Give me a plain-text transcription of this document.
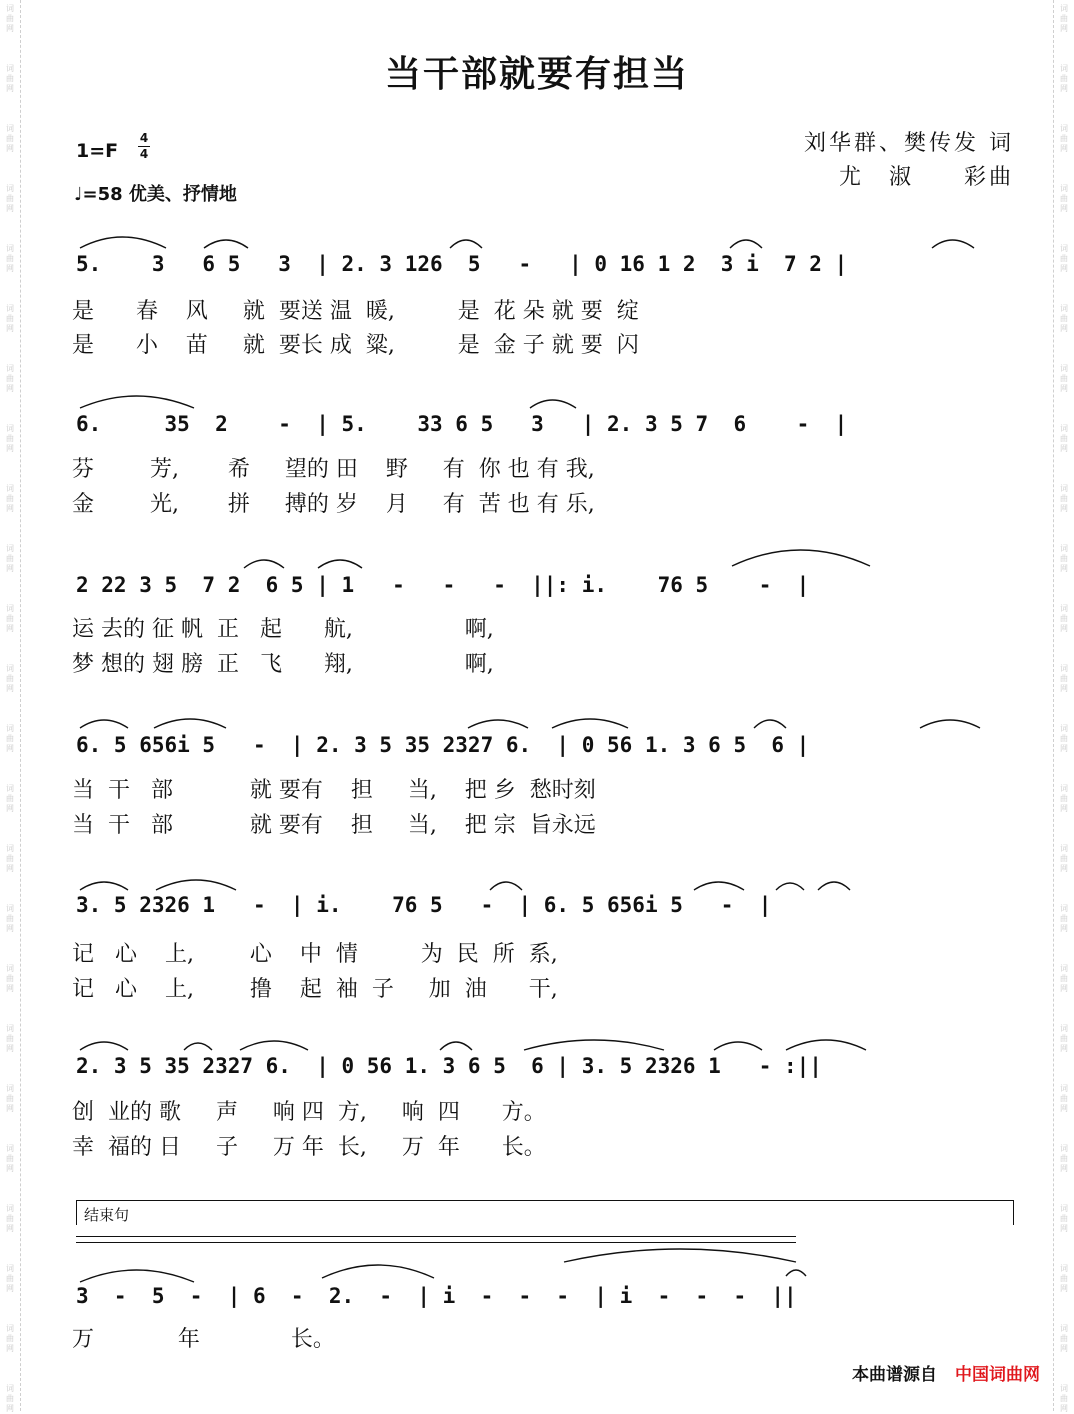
词
曲
网
词
曲
网
词
曲
网
词
曲
网
词
曲
网
词
曲
网
词
曲
网
词
曲
网
词
曲
网
词
曲
网
词
曲
网
词
曲
网
词
曲
网
词
曲
网
词
曲
网
词
曲
网
词
曲
网
词
曲
网
词
曲
网
词
曲
网
词
曲
网
词
曲
网
词
曲
网
词
曲
网
词
曲
网
词
曲
网
词
曲
网
词
曲
网
词
曲
网
词
曲
网
词
曲
网
词
曲
网
词
曲
网
词
曲
网
词
曲
网
词
曲
网
词
曲
网
词
曲
网
词
曲
网
词
曲
网
词
曲
网
词
曲
网
词
曲
网
词
曲
网
词
曲
网
词
曲
网
词
曲
网
词
曲
网
当干部就要有担当
1=F
4
4
♩=58 优美、抒情地
刘华群、樊传发 词
尤　淑　　彩曲
5.    3   6 5   3  | 2. 3 126  5   -   | 0 16 1 2  3 i  7 2 |
是      春    风     就  要送 温  暖,         是  花 朵 就 要  绽
是      小    苗     就  要长 成  粱,         是  金 子 就 要  闪
6.     35  2    -  | 5.    33 6 5   3   | 2. 3 5 7  6    -  |
芬        芳,       希     望的 田    野     有  你 也 有 我,
金        光,       拼     搏的 岁    月     有  苦 也 有 乐,
2 22 3 5  7 2  6 5 | 1   -   -   -  ||: i.    76 5    -  |
运 去的 征 帆  正   起      航,                啊,
梦 想的 翅 膀  正   飞      翔,                啊,
6. 5 656i 5   -  | 2. 3 5 35 2327 6.  | 0 56 1. 3 6 5  6 |
当  干   部           就 要有    担     当,    把 乡  愁时刻
当  干   部           就 要有    担     当,    把 宗  旨永远
3. 5 2326 1   -  | i.    76 5   -  | 6. 5 656i 5   -  |
记   心    上,        心    中  情         为  民  所  系,
记   心    上,        撸    起  袖  子     加  油      干,
2. 3 5 35 2327 6.  | 0 56 1. 3 6 5  6 | 3. 5 2326 1   - :||
创  业的 歌     声     响 四  方,     响  四      方。
幸  福的 日     子     万 年  长,     万  年      长。
结束句
3  -  5  -  | 6  -  2.  -  | i  -  -  -  | i  -  -  -  ||
万            年             长。
本曲谱源自 中国词曲网
